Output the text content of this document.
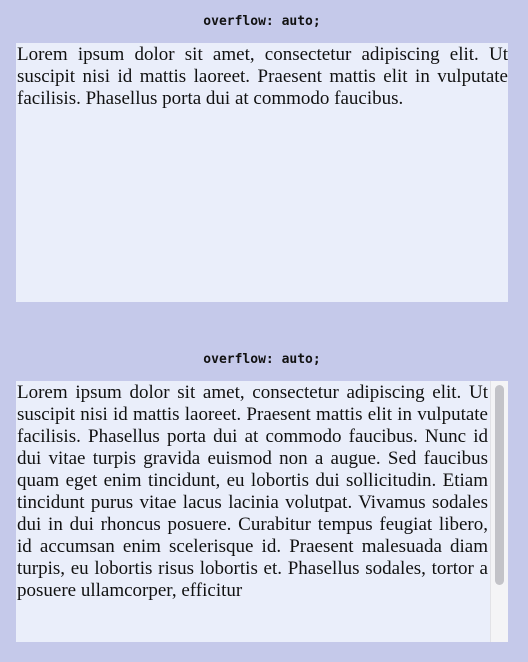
overflow: auto;
Lorem ipsum dolor sit amet, consectetur adipiscing elit. Ut suscipit nisi id mattis laoreet. Praesent mattis elit in vulputate facilisis. Phasellus porta dui at commodo faucibus.
overflow: auto;
Lorem ipsum dolor sit amet, consectetur adipiscing elit. Ut suscipit nisi id mattis laoreet. Praesent mattis elit in vulputate facilisis. Phasellus porta dui at commodo faucibus. Nunc id dui vitae turpis gravida euismod non a augue. Sed faucibus quam eget enim tincidunt, eu lobortis dui sollicitudin. Etiam tincidunt purus vitae lacus lacinia volutpat. Vivamus sodales dui in dui rhoncus posuere. Curabitur tempus feugiat libero, id accumsan enim scelerisque id. Praesent malesuada diam turpis, eu lobortis risus lobortis et. Phasellus sodales, tortor a posuere ullamcorper, efficitur
